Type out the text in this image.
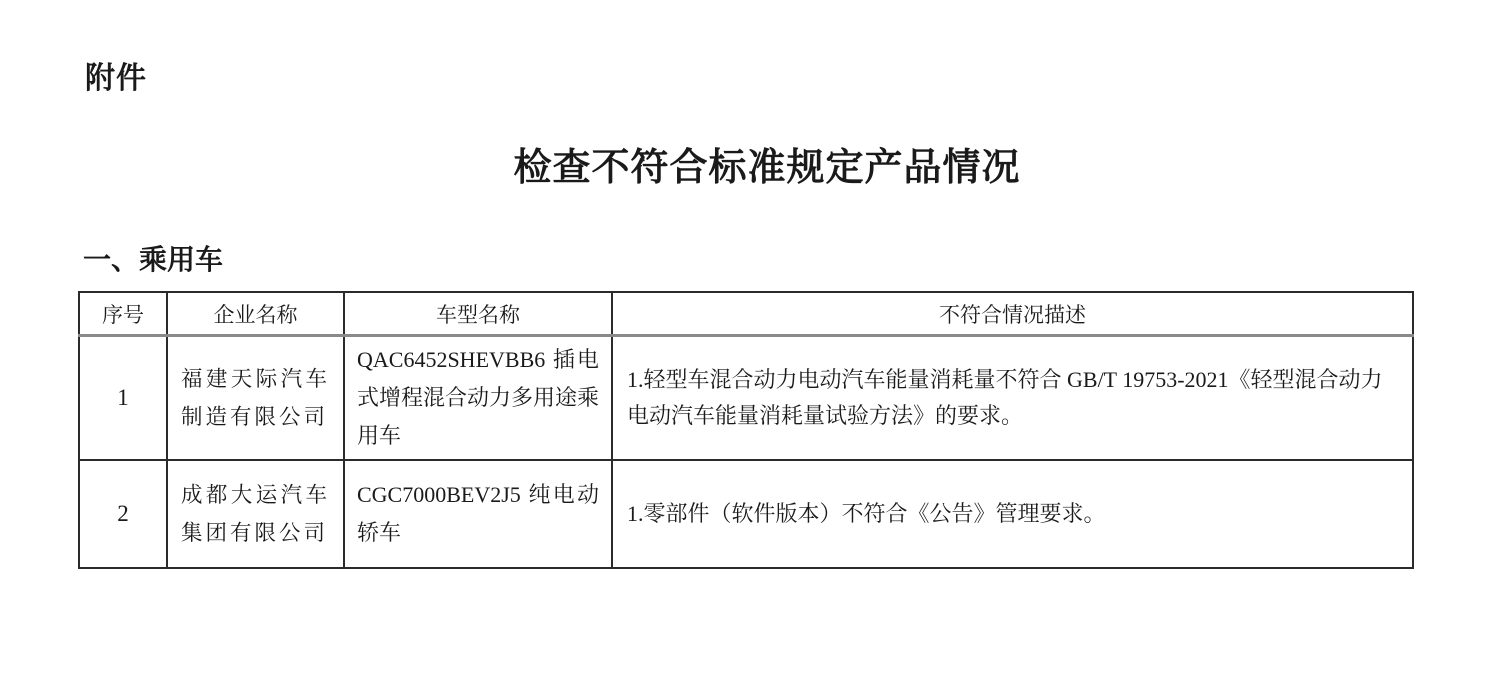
附件
检查不符合标准规定产品情况
一、乘用车
序号	企业名称	车型名称	不符合情况描述
1	福建天际汽车制造有限公司	QAC6452SHEVBB6 插电式增程混合动力多用途乘用车	1.轻型车混合动力电动汽车能量消耗量不符合 GB/T 19753-2021《轻型混合动力电动汽车能量消耗量试验方法》的要求。
2	成都大运汽车集团有限公司	CGC7000BEV2J5 纯电动轿车	1.零部件（软件版本）不符合《公告》管理要求。
